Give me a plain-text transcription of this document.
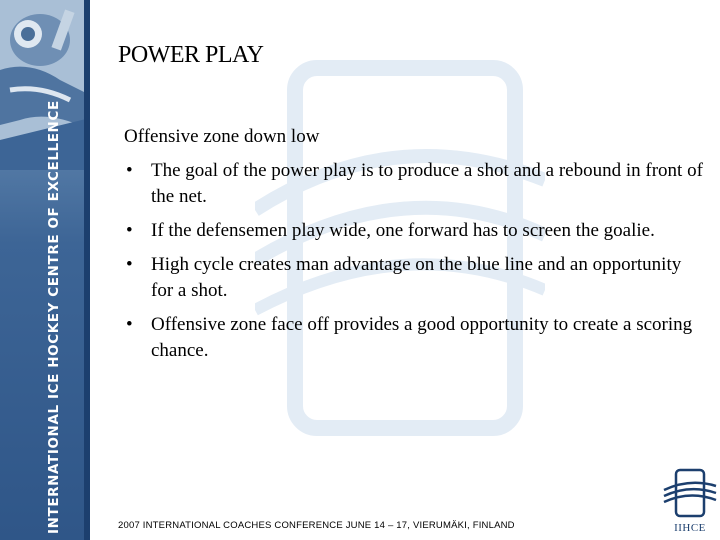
INTERNATIONAL ICE HOCKEY CENTRE OF EXCELLENCE
POWER PLAY
Offensive zone down low
• The goal of the power play is to produce a shot and a rebound in front of the net.
• If the defensemen play wide, one forward has to screen the goalie.
• High cycle creates man advantage on the blue line and an opportunity for a shot.
• Offensive zone face off provides a good opportunity to create a scoring chance.
2007 INTERNATIONAL COACHES CONFERENCE JUNE 14 – 17, VIERUMÄKI, FINLAND	IIHCE
